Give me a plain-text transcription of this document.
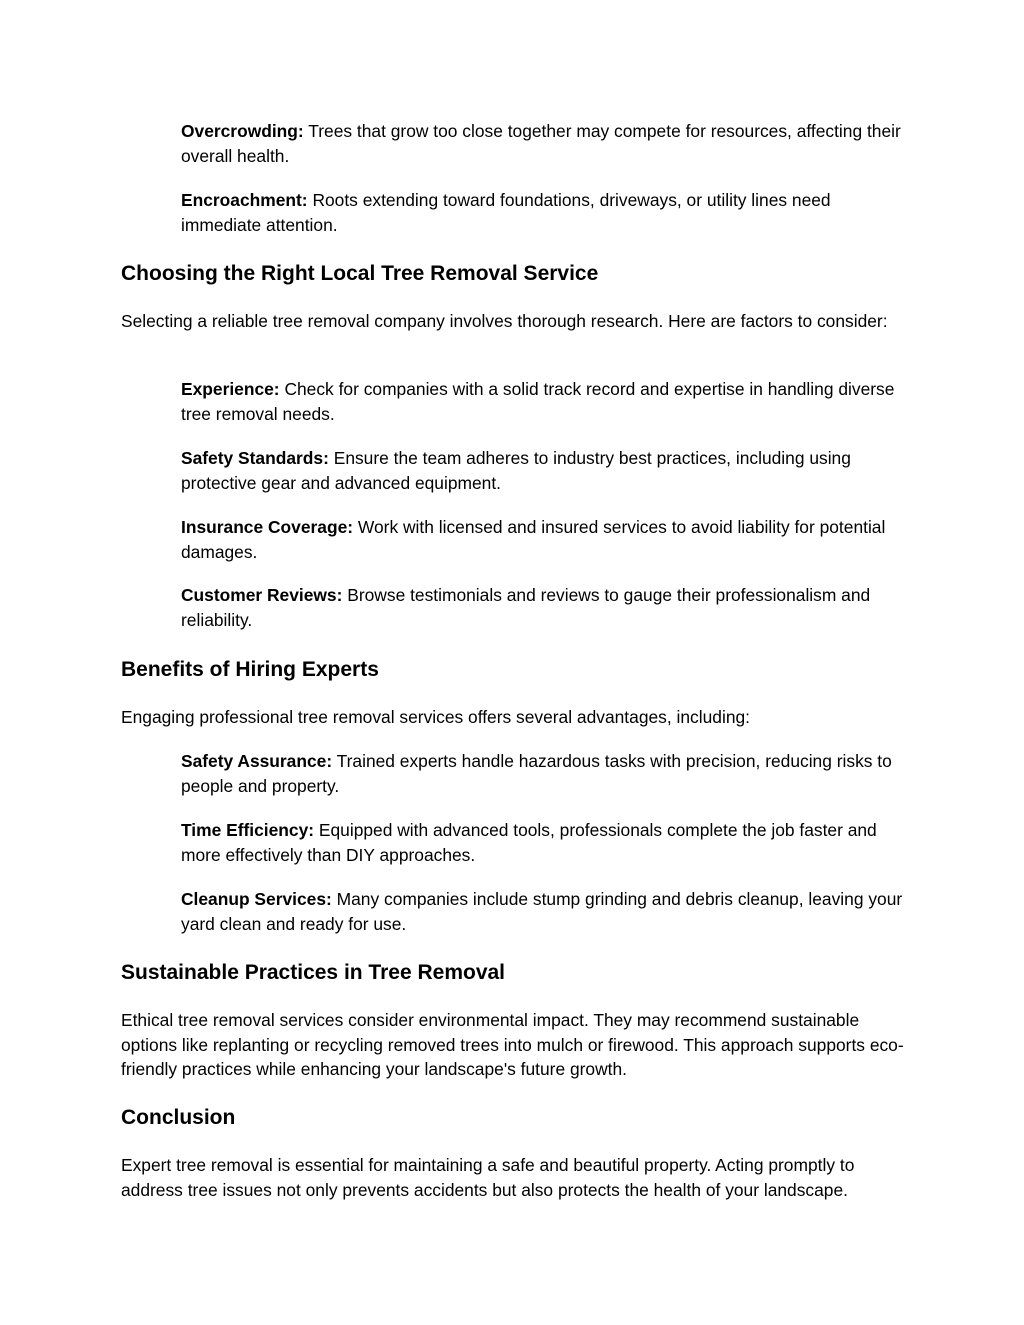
Overcrowding: Trees that grow too close together may compete for resources, affecting their overall health.
Encroachment: Roots extending toward foundations, driveways, or utility lines need immediate attention.
Choosing the Right Local Tree Removal Service

Selecting a reliable tree removal company involves thorough research. Here are factors to consider:

Experience: Check for companies with a solid track record and expertise in handling diverse tree removal needs.
Safety Standards: Ensure the team adheres to industry best practices, including using protective gear and advanced equipment.
Insurance Coverage: Work with licensed and insured services to avoid liability for potential damages.
Customer Reviews: Browse testimonials and reviews to gauge their professionalism and reliability.
Benefits of Hiring Experts

Engaging professional tree removal services offers several advantages, including:

Safety Assurance: Trained experts handle hazardous tasks with precision, reducing risks to people and property.
Time Efficiency: Equipped with advanced tools, professionals complete the job faster and more effectively than DIY approaches.
Cleanup Services: Many companies include stump grinding and debris cleanup, leaving your yard clean and ready for use.
Sustainable Practices in Tree Removal

Ethical tree removal services consider environmental impact. They may recommend sustainable options like replanting or recycling removed trees into mulch or firewood. This approach supports eco-friendly practices while enhancing your landscape's future growth.

Conclusion

Expert tree removal is essential for maintaining a safe and beautiful property. Acting promptly to address tree issues not only prevents accidents but also protects the health of your landscape.
